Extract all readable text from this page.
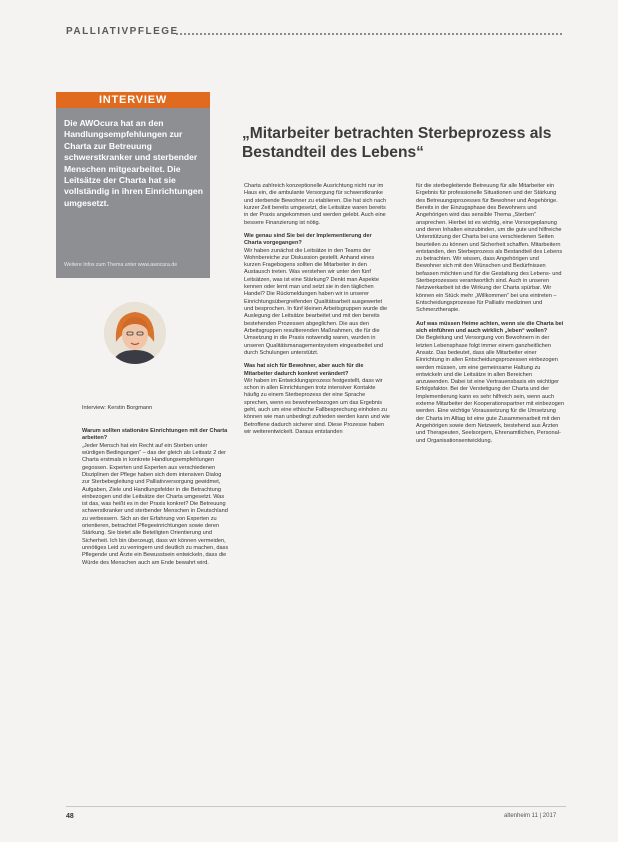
PALLIATIVPFLEGE
INTERVIEW
Die AWOcura hat an den Handlungsempfehlungen zur Charta zur Betreuung schwerstkranker und sterbender Menschen mitgearbeitet. Die Leitsätze der Charta hat sie vollständig in ihren Einrichtungen umgesetzt.
Weitere Infos zum Thema unter www.awocura.de
Interview: Kerstin Borgmann
„Mitarbeiter betrachten Sterbeprozess als Bestandteil des Lebens“

Warum sollten stationäre Einrichtungen mit der Charta arbeiten?

„Jeder Mensch hat ein Recht auf ein Sterben unter würdigen Bedingungen“ – das der gleich als Leitsatz 2 der Charta erstmals in konkrete Handlungsempfehlungen gegossen. Experten und Experten aus verschiedenen Disziplinen der Pflege haben sich dem intensiven Dialog zur Sterbebegleitung und Palliativversorgung gewidmet, Aufgaben, Ziele und Handlungsfelder in die Betrachtung einbezogen und die Leitsätze der Charta umgesetzt. Was ist das, was heißt es in der Praxis konkret? Die Betreuung schwerstkranker und sterbender Menschen in Deutschland zu verbessern. Sich an der Erfahrung von Experten zu orientieren, betrachtet Pflegeeinrichtungen sowie deren Stärkung. Sie bietet alle Beteiligten Orientierung und Sicherheit. Ich bin überzeugt, dass wir können vermeiden, unnötiges Leid zu verringern und deutlich zu machen, dass Pflegende und Ärzte ein Bewusstsein entwickeln, dass die Würde des Menschen auch am Ende bewahrt wird.

Charta zahlreich konzeptionelle Ausrichtung nicht nur im Haus ein, die ambulante Versorgung für schwerstkranke und sterbende Bewohner zu etablieren. Die hat sich nach kurzer Zeit bereits umgesetzt, die Leitsätze waren bereits in der Praxis angekommen und werden gelebt. Auch eine bessere Finanzierung ist nötig.

Wie genau sind Sie bei der Implementierung der Charta vorgegangen?

Wir haben zunächst die Leitsätze in den Teams der Wohnbereiche zur Diskussion gestellt. Anhand eines kurzen Fragebogens sollten die Mitarbeiter in den Austausch treten. Was verstehen wir unter den fünf Leitsätzen, was ist eine Stärkung? Denkt man Aspekte kennen oder lernt man und setzt sie in den täglichen Handel? Die Rückmeldungen haben wir in unserer Einrichtungsübergreifenden Qualitätsarbeit ausgewertet und besprochen. In fünf kleinen Arbeitsgruppen wurde die Auslegung der Leitsätze bearbeitet und mit den bereits bestehenden Prozessen abgeglichen. Die aus den Arbeitsgruppen resultierenden Maßnahmen, die für die Umsetzung in die Praxis notwendig waren, wurden in unseren Qualitätsmanagementsystem eingearbeitet und durch Schulungen unterstützt.

Was hat sich für Bewohner, aber auch für die Mitarbeiter dadurch konkret verändert?

Wir haben im Entwicklungsprozess festgestellt, dass wir schon in allen Einrichtungen trotz intensiver Kontakte häufig zu einem Sterbeprozess der eine Sprache sprechen, wenn es bewohnerbezogen um das Ergebnis geht, auch um eine ethische Fallbesprechung einholen zu können wie man unbedingt zufrieden werden kann und wie Betroffene dadurch sicherer sind. Diese Prozesse haben wir weiterentwickelt. Daraus entstanden

für die sterbegleitende Betreuung für alle Mitarbeiter ein Ergebnis für professionelle Situationen und der Stärkung des Betreuungsprozesses für Bewohner und Angehörige. Bereits in der Einzugsphase des Bewohners und Angehörigen wird das sensible Thema „Sterben“ ansprechen. Hierbei ist es wichtig, eine Vorsorgeplanung und deren Inhalten einzubinden, um die gute und hilfreiche Unterstützung der Charta bei uns verschiedenen Seiten beurteilen zu können und Sicherheit schaffen. Mitarbeitern entstanden, den Sterbeprozess als Bestandteil des Lebens zu betrachten. Wir wissen, dass Angehörigen und Bewohner sich mit den Wünschen und Bedürfnissen befassen möchten und für die Gestaltung des Lebens- und Sterbeprozesses verantwortlich sind. Auch in unseren Netzwerkarbeit ist die Wirkung der Charta spürbar. Wir können ein Stück mehr „Willkommen“ bei uns eintreten – Entscheidungsprozesse für Palliativ medizinen und Schmerztherapie.

Auf was müssen Heime achten, wenn sie die Charta bei sich einführen und auch wirklich „leben“ wollen?

Die Begleitung und Versorgung von Bewohnern in der letzten Lebensphase folgt immer einem ganzheitlichen Ansatz. Das bedeutet, dass alle Mitarbeiter einer Einrichtung in allen Entscheidungsprozessen einbezogen werden müssen, um eine gemeinsame Haltung zu entwickeln und die Leitsätze in allen Bereichen anzuwenden. Dabei ist eine Vertrauensbasis ein wichtiger Erfolgsfaktor. Bei der Verstetigung der Charta und der Implementierung kann es sehr hilfreich sein, wenn auch externe Mitarbeiter der Kooperationspartner mit einbezogen werden. Eine wichtige Voraussetzung für die Umsetzung der Charta im Alltag ist eine gute Zusammenarbeit mit den Angehörigen sowie dem Netzwerk, bestehend aus Ärzten und Therapeuten, Seelsorgern, Ehrenamtlichen, Personal- und Organisationsentwicklung.

48	altenheim 11 | 2017
